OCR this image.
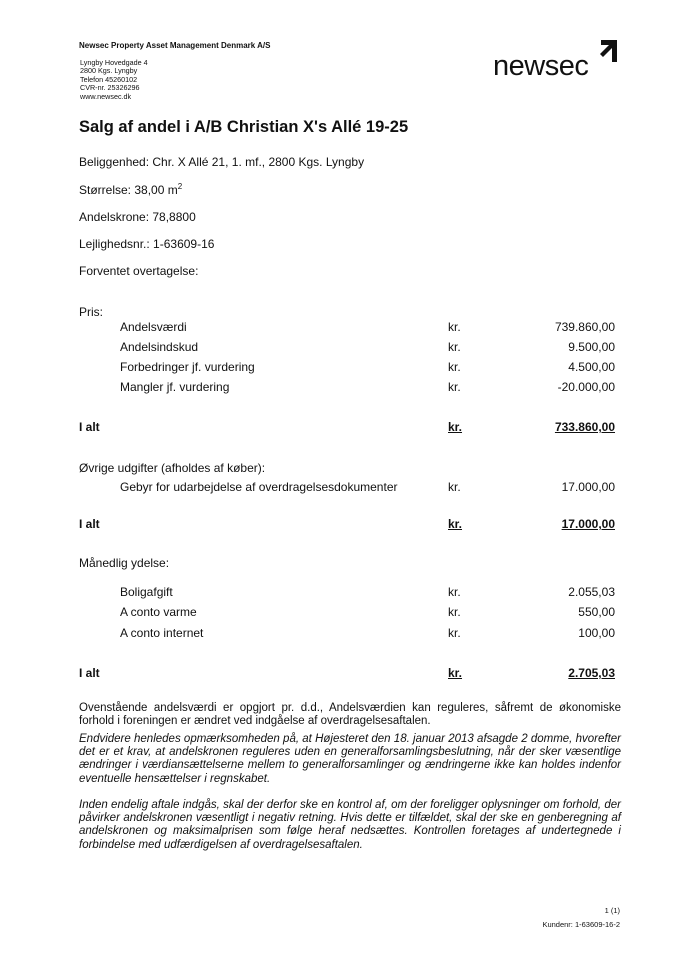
Newsec Property Asset Management Denmark A/S
Lyngby Hovedgade 4
2800 Kgs. Lyngby
Telefon 45260102
CVR-nr. 25326296
www.newsec.dk
newsec
Salg af andel i A/B Christian X's Allé 19-25
Beliggenhed: Chr. X Allé 21, 1. mf., 2800 Kgs. Lyngby
Størrelse: 38,00 $m^2$
Andelskrone: 78,8800
Lejlighedsnr.: 1-63609-16
Forventet overtagelse:
Pris:
Andelsværdi	kr.	739.860,00
Andelsindskud	kr.	9.500,00
Forbedringer jf. vurdering	kr.	4.500,00
Mangler jf. vurdering	kr.	-20.000,00
I alt	kr.	733.860,00
Øvrige udgifter (afholdes af køber):
Gebyr for udarbejdelse af overdragelsesdokumenter	kr.	17.000,00
I alt	kr.	17.000,00
Månedlig ydelse:
Boligafgift	kr.	2.055,03
A conto varme	kr.	550,00
A conto internet	kr.	100,00
I alt	kr.	2.705,03
Ovenstående andelsværdi er opgjort pr. d.d., Andelsværdien kan reguleres, såfremt de økonomiske forhold i foreningen er ændret ved indgåelse af overdragelsesaftalen.
Endvidere henledes opmærksomheden på, at Højesteret den 18. januar 2013 afsagde 2 domme, hvorefter det er et krav, at andelskronen reguleres uden en generalforsamlingsbeslutning, når der sker væsentlige ændringer i værdiansættelserne mellem to generalforsamlinger og ændringerne ikke kan holdes indenfor eventuelle hensættelser i regnskabet.
Inden endelig aftale indgås, skal der derfor ske en kontrol af, om der foreligger oplysninger om forhold, der påvirker andelskronen væsentligt i negativ retning. Hvis dette er tilfældet, skal der ske en genberegning af andelskronen og maksimalprisen som følge heraf nedsættes. Kontrollen foretages af undertegnede i forbindelse med udfærdigelsen af overdragelsesaftalen.
1 (1)
Kundenr: 1-63609-16-2
